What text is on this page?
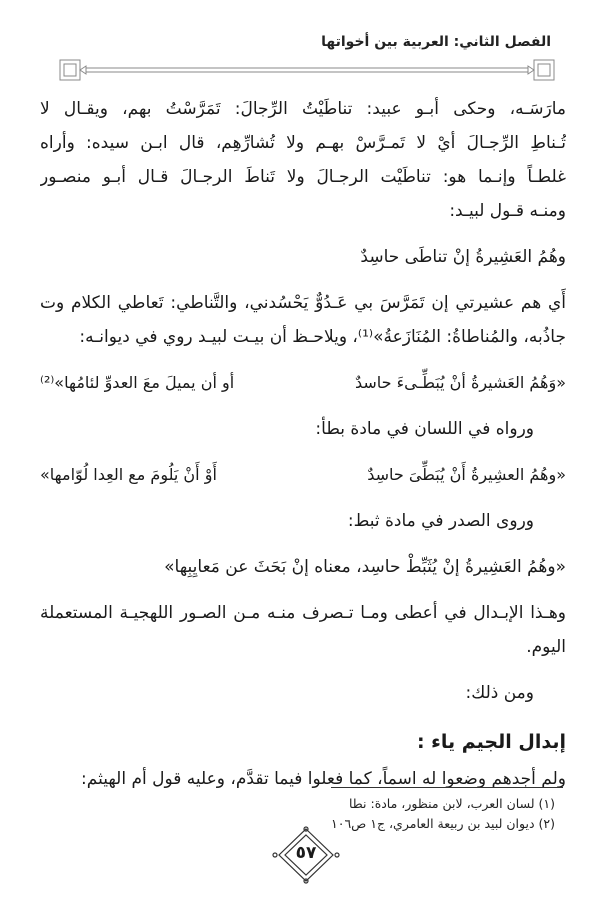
الفصل الثاني: العربية بين أخواتها
مارَسَـه، وحكى أبـو عبيد: تناطَيْتُ الرِّجالَ: تَمَرَّسْتُ بهم، ويقـال لا
تُـناطِ الرِّجـالَ أيْ لا تَمـرَّسْ بهـم ولا تُشارِّهِم، قال ابـن سيده: وأراه
غلطـاً وإنـما هو: تناطَيْت الرجـالَ ولا تَناطَ الرجـالَ قـال أبـو منصـور
ومنـه قـول لبيـد:
وهُمُ العَشِيرةُ إنْ تناطَى حاسِدٌ
أَي هم عشيرتي إن تَمَرَّسَ بي عَـدُوٌّ يَحْسُدني، والتَّناطي: تَعاطي الكلام وت
جاذُبه، والمُناطاةُ: المُنَازَعةُ»⁽¹⁾، ويلاحـظ أن بيـت لبيـد روي في ديوانـه:
«وَهُمُ العَشيرةُ أنْ يُبَطِّـىءَ حاسدٌ
أو أن يميلَ معَ العدوِّ لئامُها»⁽²⁾
ورواه في اللسان في مادة بطأ:
«وهُمُ العشِيرةُ أَنْ يُبَطِّىَ حاسِدٌ
أَوْ أَنْ يَلُومَ مع العِدا لُوّامها»
وروى الصدر في مادة ثبط:
«وهُمُ العَشِيرةُ إنْ يُثَبِّطْ حاسِد، معناه إنْ بَحَثَ عن مَعايِبِها»
وهـذا الإبـدال في أعطى ومـا تـصرف منـه مـن الصـور اللهجيـة المستعملة
اليوم.
ومن ذلك:
إبدال الجيم ياء :
ولم أجدهم وضعوا له اسماً، كما فعلوا فيما تقدَّم، وعليه قول أم الهيثم:
(١) لسان العرب، لابن منظور، مادة: نطا
(٢) ديوان لبيد بن ربيعة العامري، ج١ ص١٠٦
٥٧
